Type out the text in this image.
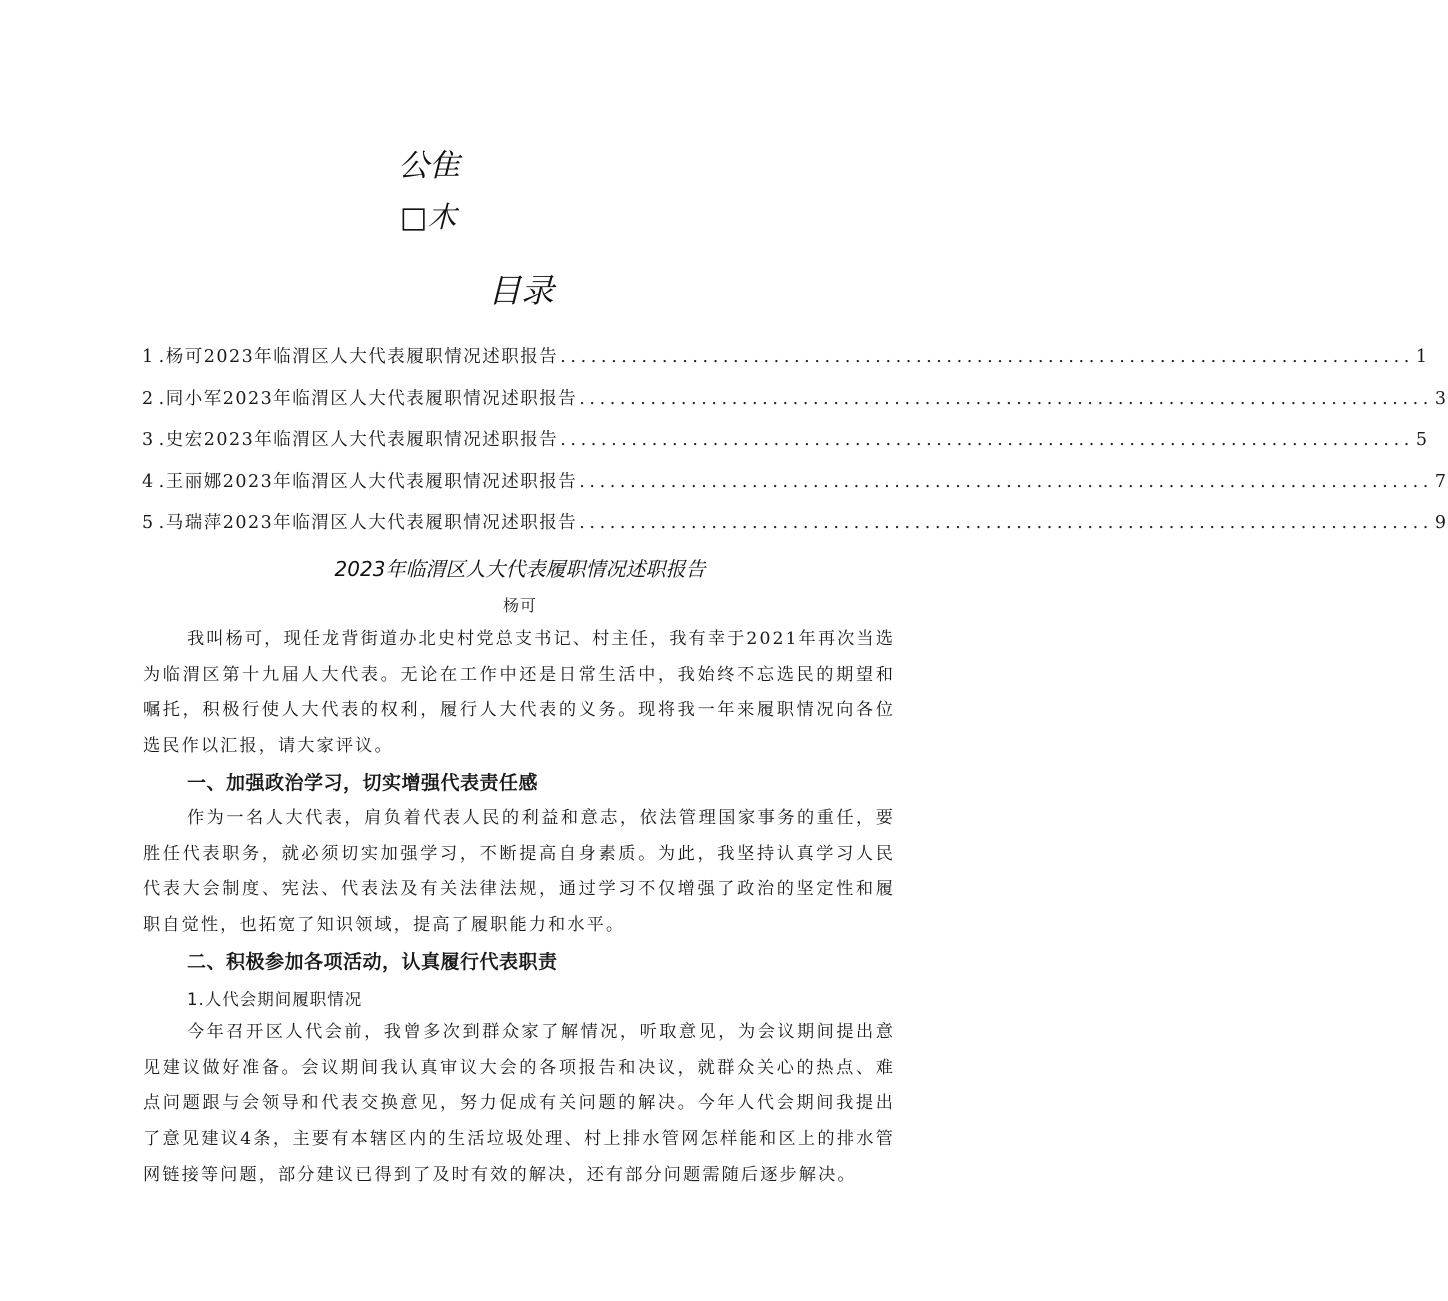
公隹
□木
目录
1 .杨可2023年临渭区人大代表履职情况述职报告 .................................................................................... 1
2 .同小军2023年临渭区人大代表履职情况述职报告 .................................................................................... 3
3 .史宏2023年临渭区人大代表履职情况述职报告 .................................................................................... 5
4 .王丽娜2023年临渭区人大代表履职情况述职报告 .................................................................................... 7
5 .马瑞萍2023年临渭区人大代表履职情况述职报告 .................................................................................... 9
2023年临渭区人大代表履职情况述职报告
杨可

我叫杨可，现任龙背街道办北史村党总支书记、村主任，我有幸于2021年再次当选为临渭区第十九届人大代表。无论在工作中还是日常生活中，我始终不忘选民的期望和嘱托，积极行使人大代表的权利，履行人大代表的义务。现将我一年来履职情况向各位选民作以汇报，请大家评议。

一、加强政治学习，切实增强代表责任感

作为一名人大代表，肩负着代表人民的利益和意志，依法管理国家事务的重任，要胜任代表职务，就必须切实加强学习，不断提高自身素质。为此，我坚持认真学习人民代表大会制度、宪法、代表法及有关法律法规，通过学习不仅增强了政治的坚定性和履职自觉性，也拓宽了知识领域，提高了履职能力和水平。

二、积极参加各项活动，认真履行代表职责
1.人代会期间履职情况

今年召开区人代会前，我曾多次到群众家了解情况，听取意见，为会议期间提出意见建议做好准备。会议期间我认真审议大会的各项报告和决议，就群众关心的热点、难点问题跟与会领导和代表交换意见，努力促成有关问题的解决。今年人代会期间我提出了意见建议4条，主要有本辖区内的生活垃圾处理、村上排水管网怎样能和区上的排水管网链接等问题，部分建议已得到了及时有效的解决，还有部分问题需随后逐步解决。
